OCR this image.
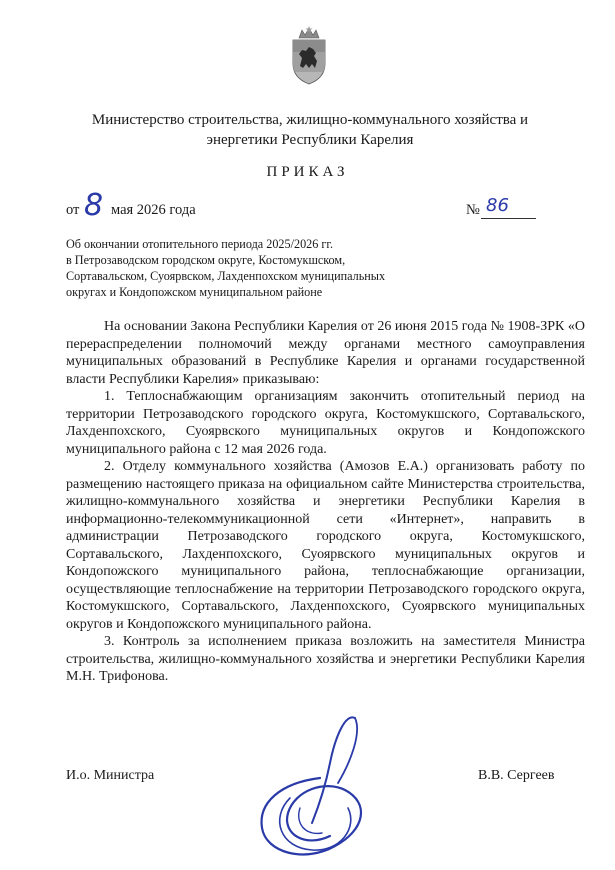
Министерство строительства, жилищно-коммунального хозяйства и
энергетики Республики Карелия
ПРИКАЗ
от 8 мая 2026 года	№ 86
Об окончании отопительного периода 2025/2026 гг.
в Петрозаводском городском округе, Костомукшском,
Сортавальском, Суоярвском, Лахденпохском муниципальных
округах и Кондопожском муниципальном районе

На основании Закона Республики Карелия от 26 июня 2015 года № 1908-ЗРК «О перераспределении полномочий между органами местного самоуправления муниципальных образований в Республике Карелия и органами государственной власти Республики Карелия» приказываю:

1. Теплоснабжающим организациям закончить отопительный период на территории Петрозаводского городского округа, Костомукшского, Сортавальского, Лахденпохского, Суоярвского муниципальных округов и Кондопожского муниципального района с 12 мая 2026 года.

2. Отделу коммунального хозяйства (Амозов Е.А.) организовать работу по размещению настоящего приказа на официальном сайте Министерства строительства, жилищно-коммунального хозяйства и энергетики Республики Карелия в информационно-телекоммуникационной сети «Интернет», направить в администрации Петрозаводского городского округа, Костомукшского, Сортавальского, Лахденпохского, Суоярвского муниципальных округов и Кондопожского муниципального района, теплоснабжающие организации, осуществляющие теплоснабжение на территории Петрозаводского городского округа, Костомукшского, Сортавальского, Лахденпохского, Суоярвского муниципальных округов и Кондопожского муниципального района.

3. Контроль за исполнением приказа возложить на заместителя Министра строительства, жилищно-коммунального хозяйства и энергетики Республики Карелия М.Н. Трифонова.

И.о. Министра	В.В. Сергеев
